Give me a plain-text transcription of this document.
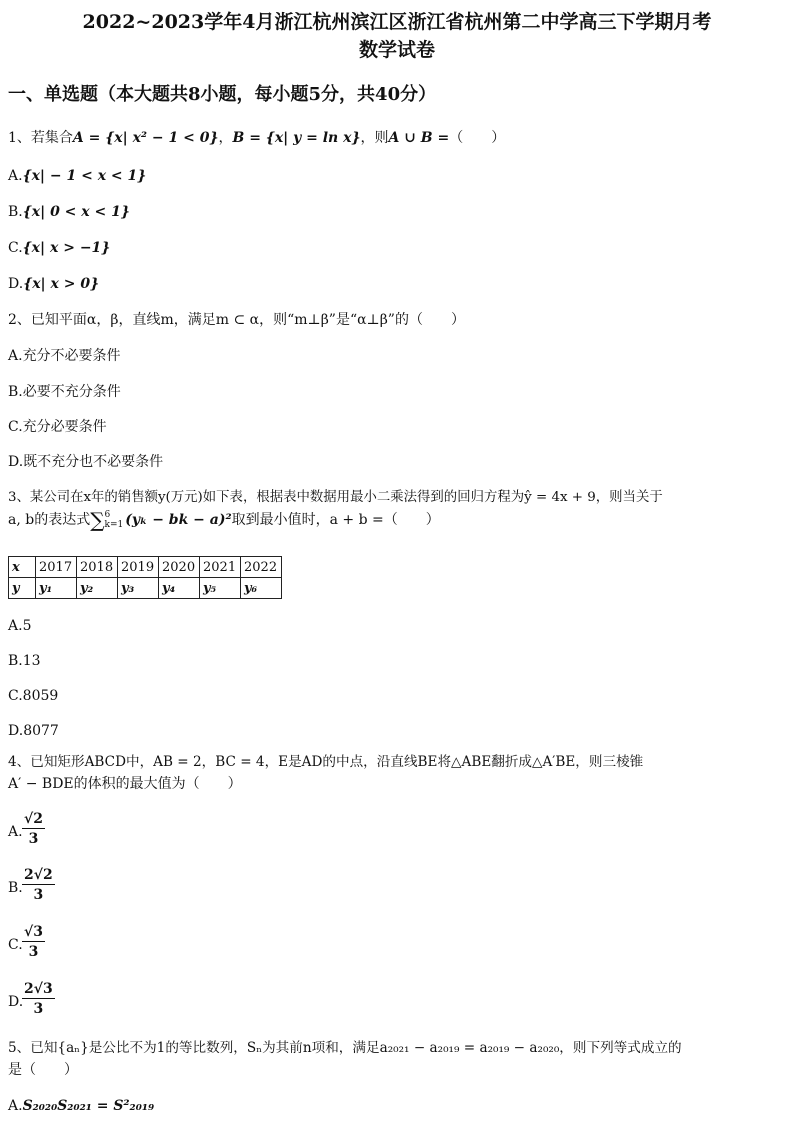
2022~2023学年4月浙江杭州滨江区浙江省杭州第二中学高三下学期月考
数学试卷
一、单选题（本大题共8小题，每小题5分，共40分）
1、若集合A = {x| x² − 1 < 0}，B = {x| y = ln x}，则A ∪ B =（　　）
A.{x| − 1 < x < 1}
B.{x| 0 < x < 1}
C.{x| x > −1}
D.{x| x > 0}
2、已知平面α，β，直线m，满足m ⊂ α，则“m⊥β”是“α⊥β”的（　　）
A.充分不必要条件
B.必要不充分条件
C.充分必要条件
D.既不充分也不必要条件
3、某公司在x年的销售额y(万元)如下表，根据表中数据用最小二乘法得到的回归方程为ŷ = 4x + 9，则当关于
a, b的表达式∑6
k=1 (yₖ − bk − a)²取到最小值时，a + b =（　　）
x	2017	2018	2019	2020	2021	2022
y	y₁	y₂	y₃	y₄	y₅	y₆
A.5
B.13
C.8059
D.8077
4、已知矩形ABCD中，AB = 2，BC = 4，E是AD的中点，沿直线BE将△ABE翻折成△A′BE，则三棱锥
A′ − BDE的体积的最大值为（　　）
A. $\frac{√2}{3}$
B. $\frac{2√2}{3}$
C. $\frac{√3}{3}$
D.
$\frac{2√3}{3}$
5、已知{aₙ}是公比不为1的等比数列，Sₙ为其前n项和，满足a₂₀₂₁ − a₂₀₁₉ = a₂₀₁₉ − a₂₀₂₀，则下列等式成立的
是（　　）
A.S₂₀₂₀S₂₀₂₁ = S²₂₀₁₉
